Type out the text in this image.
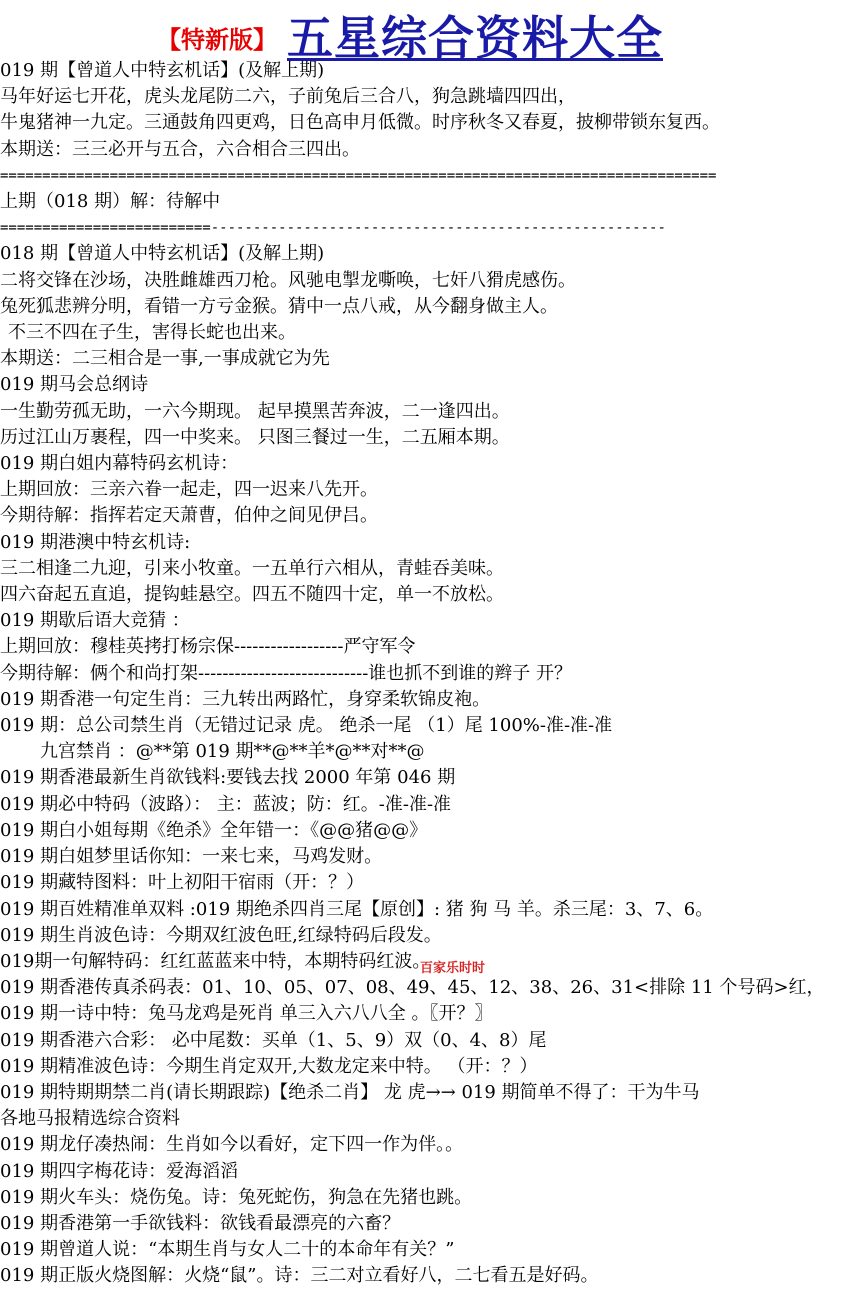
【特新版】 五星综合资料大全
019 期【曾道人中特玄机话】(及解上期)
马年好运七开花，虎头龙尾防二六，子前兔后三合八，狗急跳墙四四出，
牛鬼猪神一九定。三通鼓角四更鸡，日色高申月低微。时序秋冬又春夏，披柳带锁东复西。
本期送：三三必开与五合，六合相合三四出。
=====================================================================================
上期（018 期）解：待解中
=========================------------------------------------------------------
018 期【曾道人中特玄机话】(及解上期)
二将交锋在沙场，决胜雌雄西刀枪。风驰电掣龙嘶唤，七奸八猾虎感伤。
兔死狐悲辨分明，看错一方亏金猴。猜中一点八戒，从今翻身做主人。
不三不四在子生，害得长蛇也出来。
本期送：二三相合是一事,一事成就它为先
019 期马会总纲诗
一生勤劳孤无助，一六今期现。 起早摸黑苦奔波，二一逢四出。
历过江山万裹程，四一中奖来。 只图三餐过一生，二五厢本期。
019 期白姐内幕特码玄机诗：
上期回放：三亲六眷一起走，四一迟来八先开。
今期待解：指挥若定天萧曹，伯仲之间见伊吕。
019 期港澳中特玄机诗:
三二相逢二九迎，引来小牧童。一五单行六相从，青蛙吞美味。
四六奋起五直追，提钩蛙悬空。四五不随四十定，单一不放松。
019 期歇后语大竞猜 ：
上期回放：穆桂英拷打杨宗保------------------严守军令
今期待解：俩个和尚打架----------------------------谁也抓不到谁的辫子 开？
019 期香港一句定生肖：三九转出两路忙，身穿柔软锦皮袍。
019 期：总公司禁生肖（无错过记录 虎。 绝杀一尾 （1）尾 100%-准-准-准
九宫禁肖 ：@**第 019 期**@**羊*@**对**@
019 期香港最新生肖欲钱料:要钱去找 2000 年第 046 期
019 期必中特码（波路）： 主：蓝波；防：红。-准-准-准
019 期白小姐每期《绝杀》全年错一：《@@猪@@》
019 期白姐梦里话你知：一来七来，马鸡发财。
019 期藏特图料：叶上初阳干宿雨（开：？）
019 期百姓精准单双料 :019 期绝杀四肖三尾【原创】: 猪 狗 马 羊。杀三尾：3、7、6。
019 期生肖波色诗：今期双红波色旺,红绿特码后段发。
019期一句解特码：红红蓝蓝来中特，本期特码红波。
019 期香港传真杀码表：01、10、05、07、08、49、45、12、38、26、31<排除 11 个号码>红，
019 期一诗中特：兔马龙鸡是死肖 单三入六八八全 。〖开？〗
019 期香港六合彩： 必中尾数：买单（1、5、9）双（0、4、8）尾
019 期精准波色诗：今期生肖定双开,大数龙定来中特。 （开：？）
019 期特期期禁二肖(请长期跟踪)【绝杀二肖】 龙 虎→→ 019 期简单不得了：干为牛马
各地马报精选综合资料
019 期龙仔凑热闹：生肖如今以看好，定下四一作为伴。。
019 期四字梅花诗：爱海滔滔
019 期火车头：烧伤兔。诗：兔死蛇伤，狗急在先猪也跳。
019 期香港第一手欲钱料：欲钱看最漂亮的六畜？
019 期曾道人说：“本期生肖与女人二十的本命年有关？”
019 期正版火烧图解：火烧“鼠”。诗：三二对立看好八，二七看五是好码。
百家乐时时
